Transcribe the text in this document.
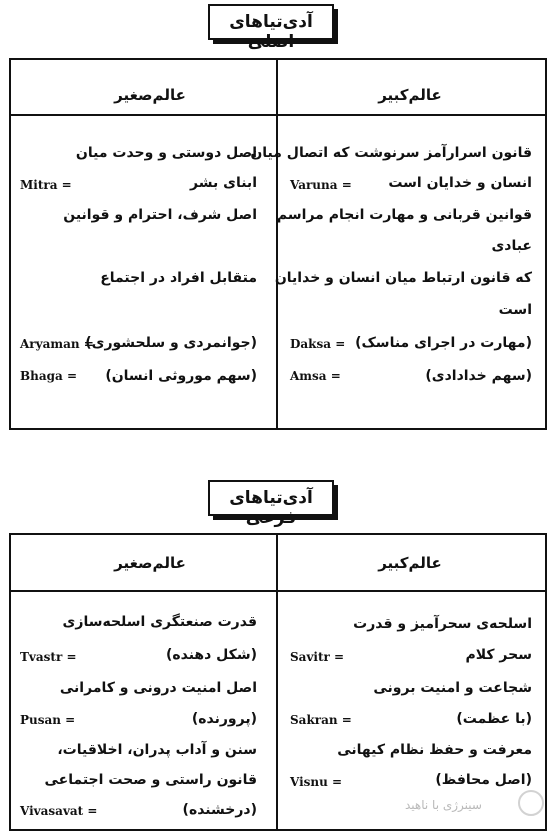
آدی‌تیاهای اصلی
عالم‌کبیر
عالم‌صغیر
قانون اسرارآمز سرنوشت که اتصال میان
انسان و خدایان است
قوانین قربانی و مهارت انجام مراسم
عبادی
که قانون ارتباط میان انسان و خدایان
است
(مهارت در اجرای مناسک)
(سهم خدادادی)
Varuna =
Daksa =
Amsa =
اصل دوستی و وحدت میان
ابنای بشر
اصل شرف، احترام و قوانین
متقابل افراد در اجتماع
(جوانمردی و سلحشوری)
(سهم موروثی انسان)
Mitra =
Aryaman =
Bhaga =
آدی‌تیاهای فرعی
عالم‌کبیر
عالم‌صغیر
اسلحه‌ی سحرآمیز و قدرت
سحر کلام
شجاعت و امنیت برونی
(با عظمت)
معرفت و حفظ نظام کیهانی
(اصل محافظ)
Savitr =
Sakran =
Visnu =
قدرت صنعتگری اسلحه‌سازی
(شکل دهنده)
اصل امنیت درونی و کامرانی
(پرورنده)
سنن و آداب پدران، اخلاقیات،
قانون راستی و صحت اجتماعی
(درخشنده)
Tvastr =
Pusan =
Vivasavat =	سینرژی با ناهید
